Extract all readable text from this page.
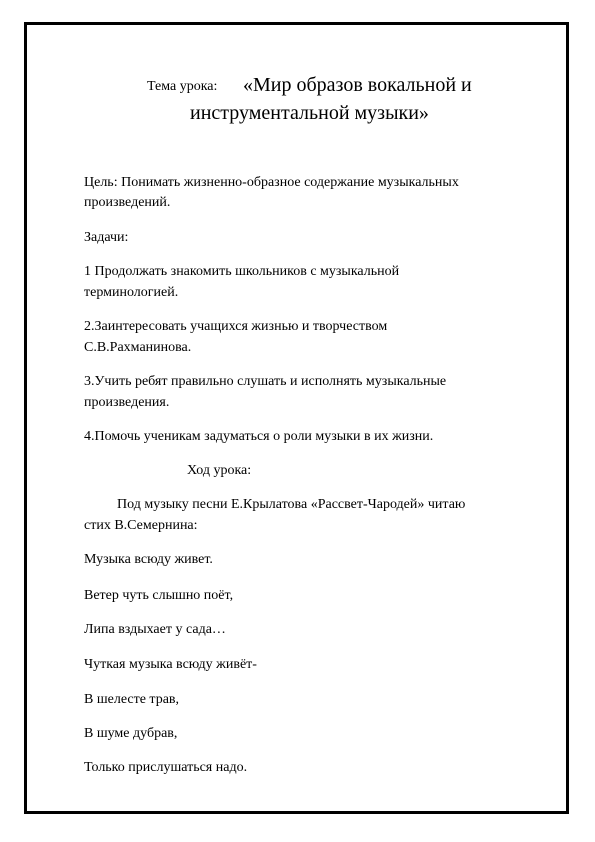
Тема урока: «Мир образов вокальной и
инструментальной музыки»
Цель: Понимать жизненно-образное содержание музыкальных
произведений.
Задачи:
1 Продолжать знакомить школьников с музыкальной
терминологией.
2.Заинтересовать учащихся жизнью и творчеством
С.В.Рахманинова.
3.Учить ребят правильно слушать и исполнять музыкальные
произведения.
4.Помочь ученикам задуматься о роли музыки в их жизни.
Ход урока:
Под музыку песни Е.Крылатова «Рассвет-Чародей» читаю
стих В.Семернина:
Музыка всюду живет.
Ветер чуть слышно поёт,
Липа вздыхает у сада…
Чуткая музыка всюду живёт-
В шелесте трав,
В шуме дубрав,
Только прислушаться надо.
